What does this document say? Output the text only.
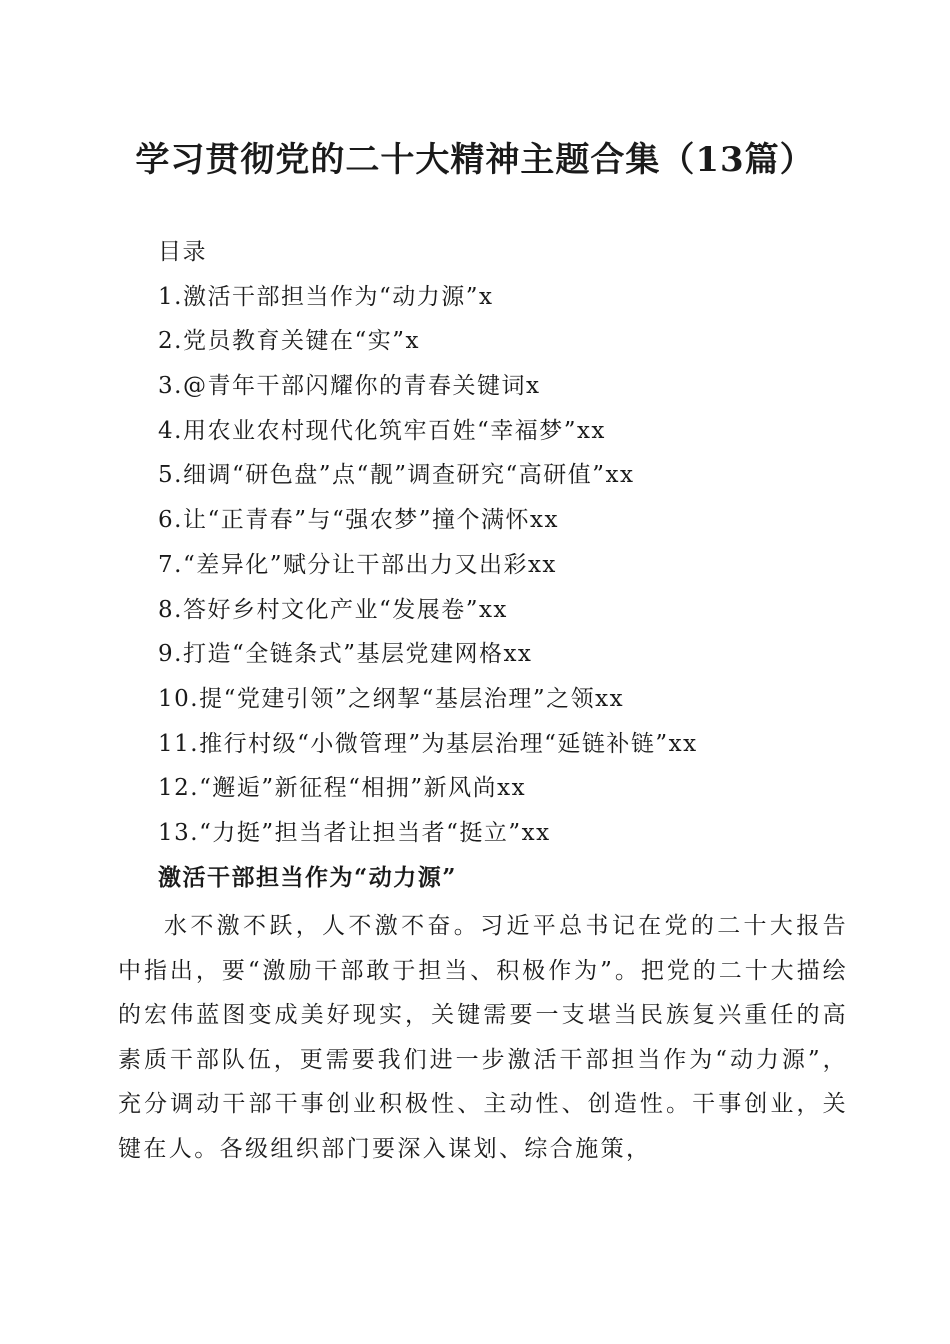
学习贯彻党的二十大精神主题合集（13篇）
目录
1.激活干部担当作为“动力源”x
2.党员教育关键在“实”x
3.@青年干部闪耀你的青春关键词x
4.用农业农村现代化筑牢百姓“幸福梦”xx
5.细调“研色盘”点“靓”调查研究“高研值”xx
6.让“正青春”与“强农梦”撞个满怀xx
7.“差异化”赋分让干部出力又出彩xx
8.答好乡村文化产业“发展卷”xx
9.打造“全链条式”基层党建网格xx
10.提“党建引领”之纲挈“基层治理”之领xx
11.推行村级“小微管理”为基层治理“延链补链”xx
12.“邂逅”新征程“相拥”新风尚xx
13.“力挺”担当者让担当者“挺立”xx
激活干部担当作为“动力源”

水不激不跃，人不激不奋。习近平总书记在党的二十大报告中指出，要“激励干部敢于担当、积极作为”。把党的二十大描绘的宏伟蓝图变成美好现实，关键需要一支堪当民族复兴重任的高素质干部队伍，更需要我们进一步激活干部担当作为“动力源”，充分调动干部干事创业积极性、主动性、创造性。干事创业，关键在人。各级组织部门要深入谋划、综合施策，
